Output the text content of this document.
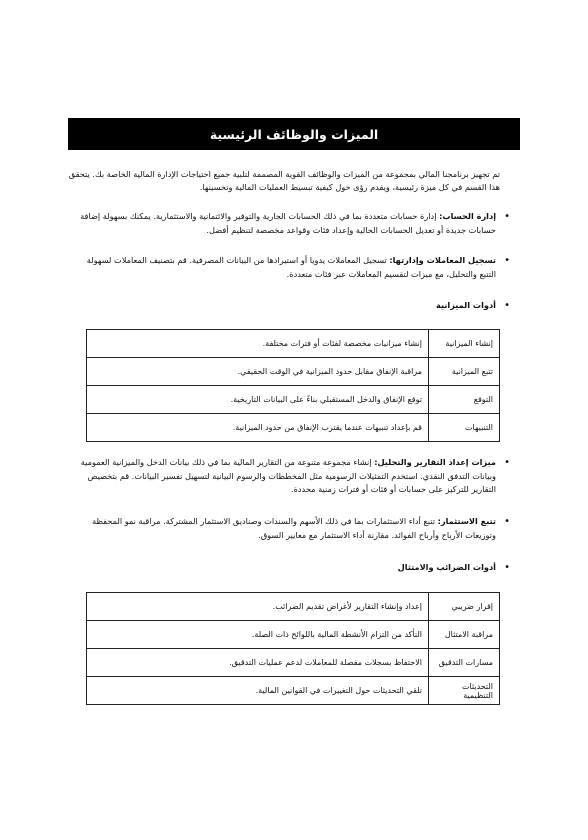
الميزات والوظائف الرئيسية
تم تجهيز برنامجنا المالي بمجموعة من الميزات والوظائف القوية المصممة لتلبية جميع احتياجات الإدارة المالية الخاصة بك. يتحقق هذا القسم في كل ميزة رئيسية، ويقدم رؤى حول كيفية تبسيط العمليات المالية وتحسينها.
• إدارة الحساب: إدارة حسابات متعددة بما في ذلك الحسابات الجارية والتوفير والائتمانية والاستثمارية. يمكنك بسهولة إضافة حسابات جديدة أو تعديل الحسابات الحالية وإعداد فئات وقواعد مخصصة لتنظيم أفضل.
• تسجيل المعاملات وإدارتها: تسجيل المعاملات يدويا أو استيرادها من البيانات المصرفية. قم بتصنيف المعاملات لسهولة التتبع والتحليل، مع ميزات لتقسيم المعاملات عبر فئات متعددة.
• أدوات الميزانية
إنشاء الميزانية	إنشاء ميزانيات مخصصة لفئات أو فترات مختلفة.
تتبع الميزانية	مراقبة الإنفاق مقابل حدود الميزانية في الوقت الحقيقي.
التوقع	توقع الإنفاق والدخل المستقبلي بناءً على البيانات التاريخية.
التنبيهات	قم بإعداد تنبيهات عندما يقترب الإنفاق من حدود الميزانية.
• ميزات إعداد التقارير والتحليل: إنشاء مجموعة متنوعة من التقارير المالية بما في ذلك بيانات الدخل والميزانية العمومية وبيانات التدفق النقدي. استخدم التمثيلات الرسومية مثل المخططات والرسوم البيانية لتسهيل تفسير البيانات. قم بتخصيص التقارير للتركيز على حسابات أو فئات أو فترات زمنية محددة.
• تتبع الاستثمار: تتبع أداء الاستثمارات بما في ذلك الأسهم والسندات وصناديق الاستثمار المشتركة. مراقبة نمو المحفظة وتوزيعات الأرباح وأرباح الفوائد. مقارنة أداء الاستثمار مع معايير السوق.
• أدوات الضرائب والامتثال
إقرار ضريبي	إعداد وإنشاء التقارير لأغراض تقديم الضرائب.
مراقبة الامتثال	التأكد من التزام الأنشطة المالية باللوائح ذات الصلة.
مسارات التدقيق	الاحتفاظ بسجلات مفصلة للمعاملات لدعم عمليات التدقيق.
التحديثات التنظيمية	تلقي التحديثات حول التغييرات في القوانين المالية.
